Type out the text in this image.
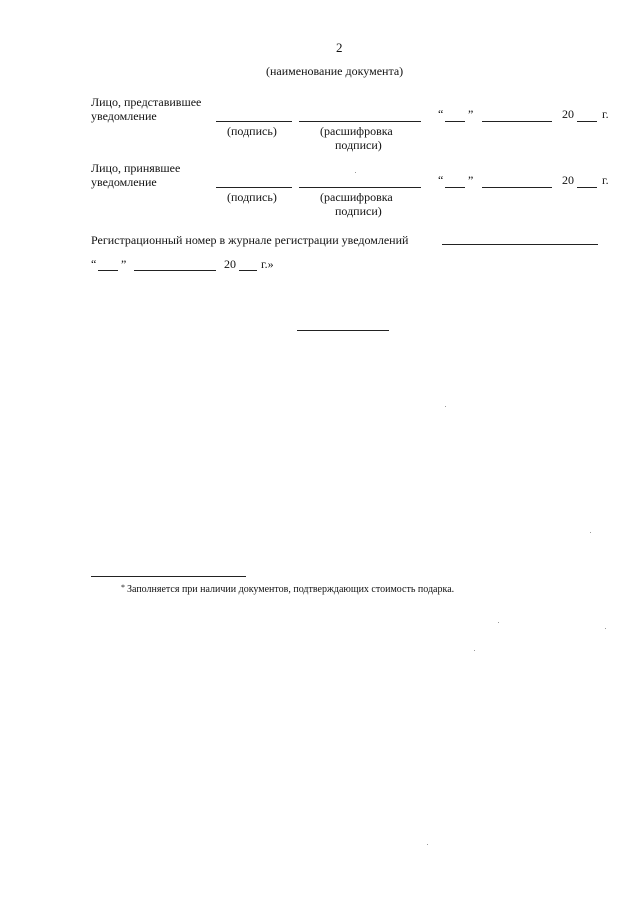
2
(наименование документа)
Лицо, представившее
уведомление
(подпись)	(расшифровка
подписи)
“ ”	20 г.
Лицо, принявшее
уведомление
(подпись)	(расшифровка
подписи)
“ ”	20 г.
Регистрационный номер в журнале регистрации уведомлений
“ ”	20 г.»
* Заполняется при наличии документов, подтверждающих стоимость подарка.
